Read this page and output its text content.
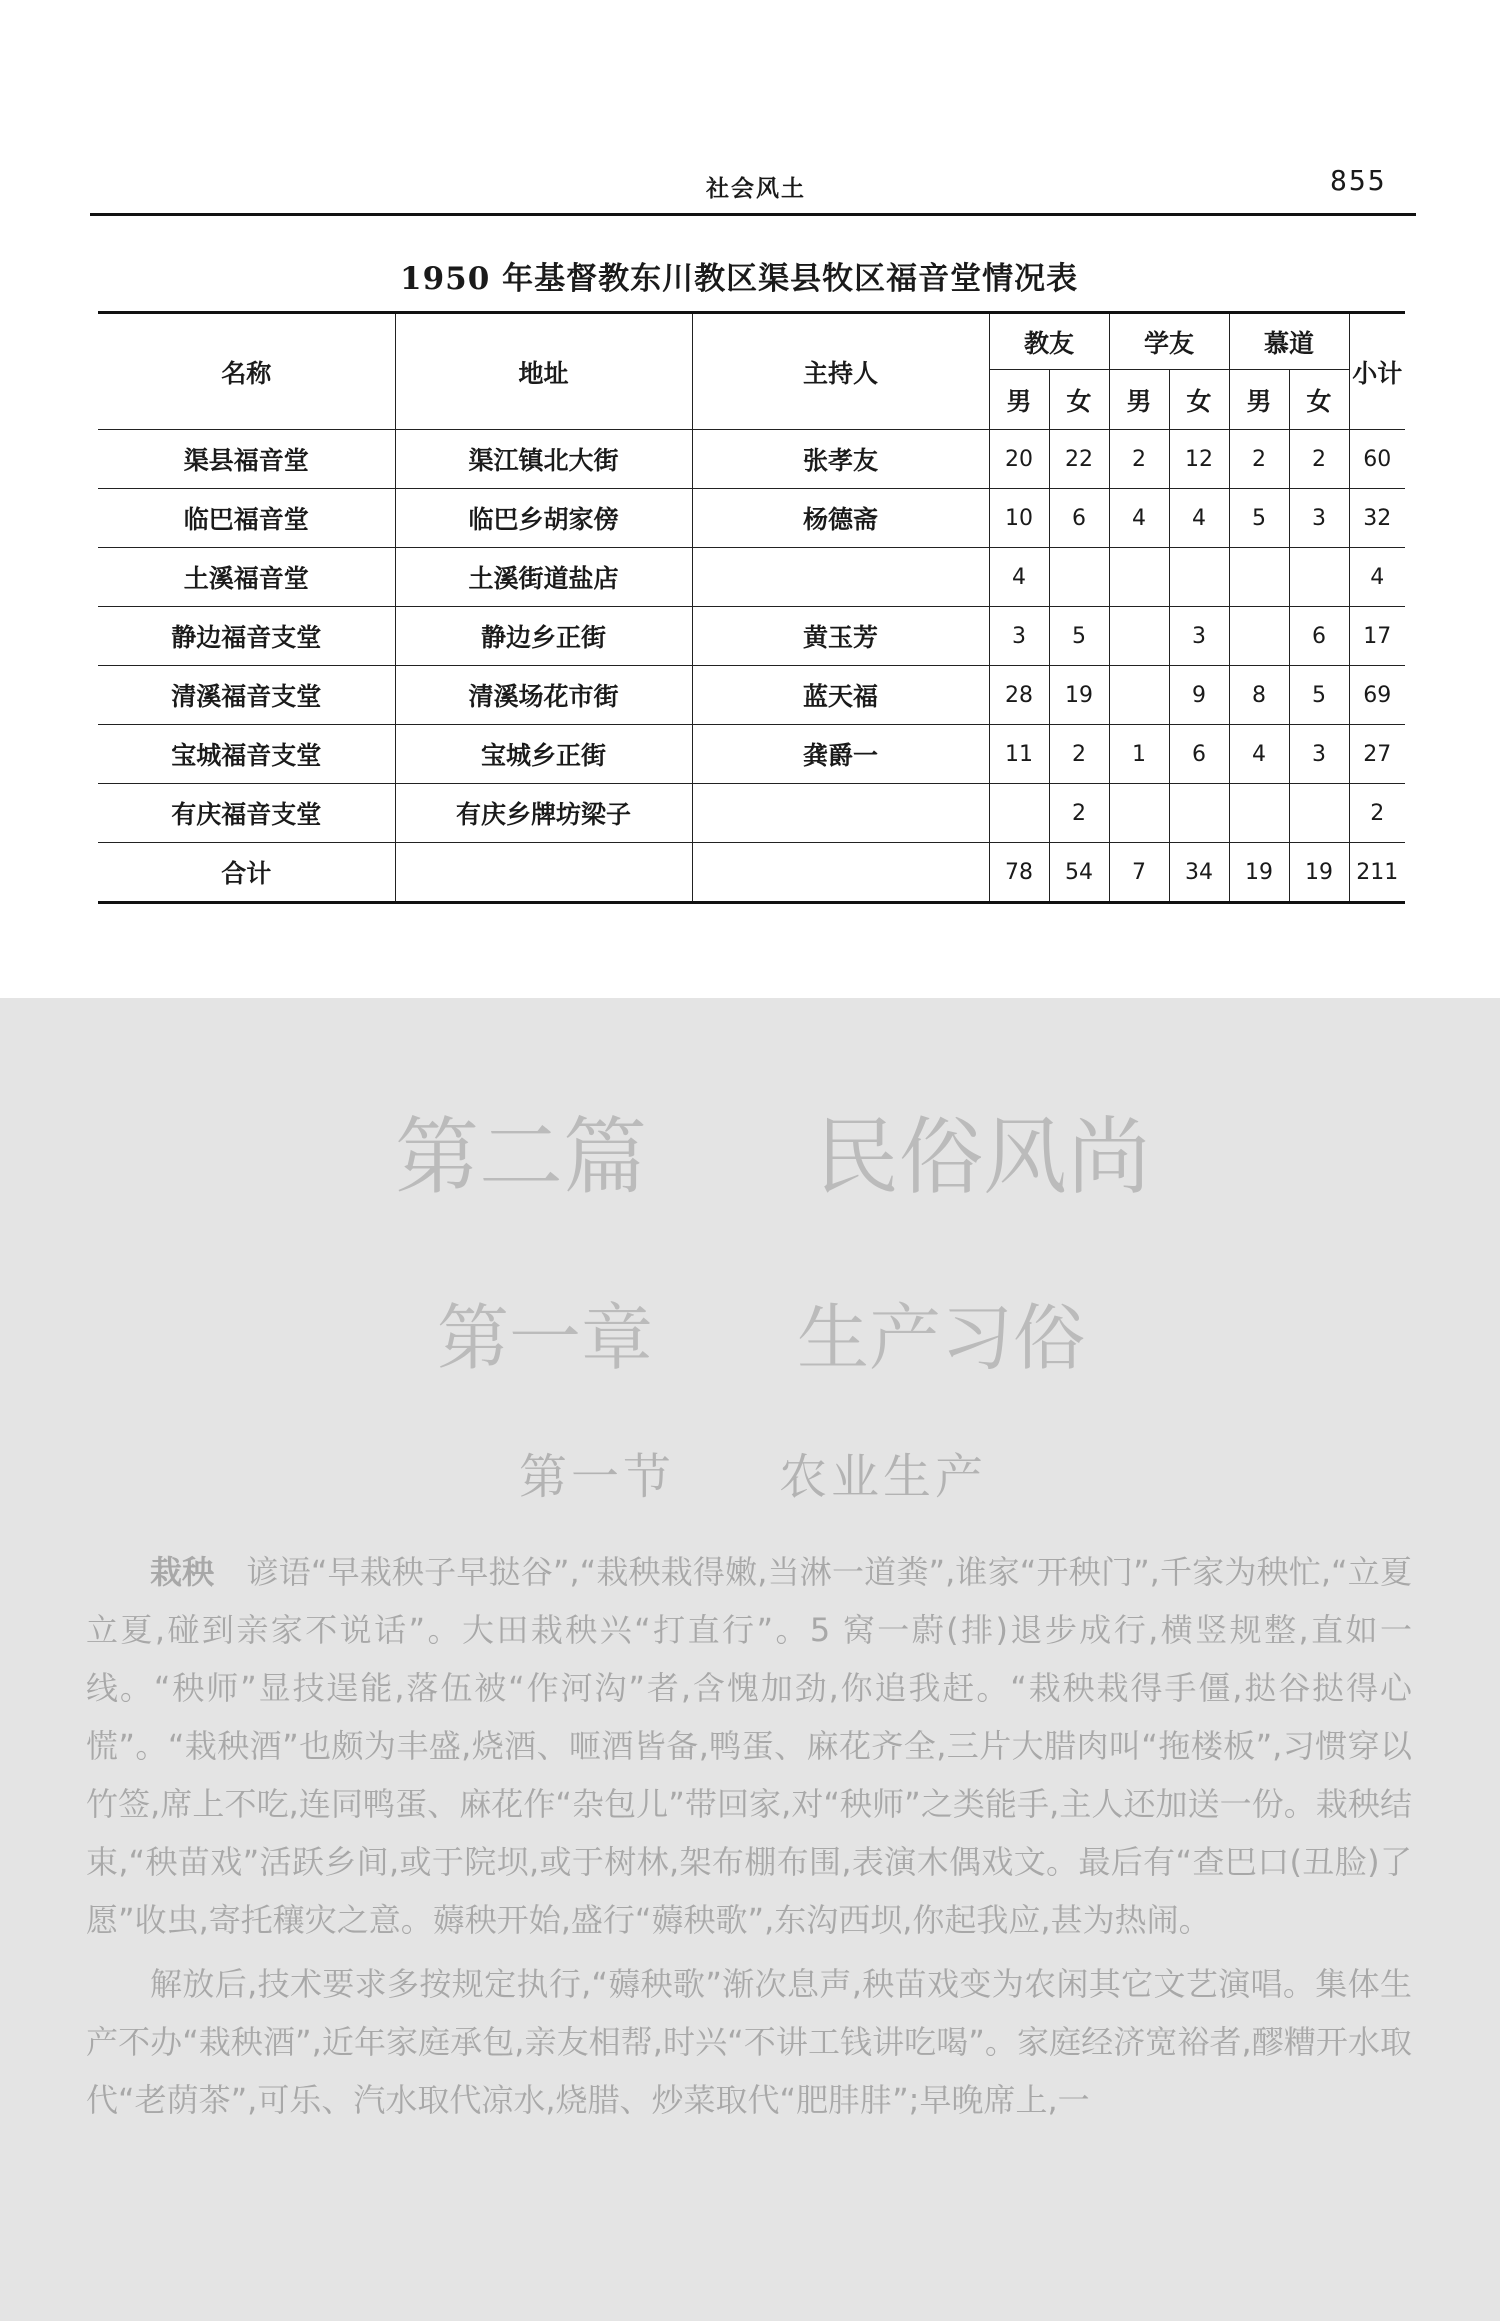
社会风土	855
1950 年基督教东川教区渠县牧区福音堂情况表
名称	地址	主持人	教友		学友		慕道		小计
			男	女	男	女	男	女	
渠县福音堂	渠江镇北大街	张孝友	20	22	2	12	2	2	60
临巴福音堂	临巴乡胡家傍	杨德斋	10	6	4	4	5	3	32
土溪福音堂	土溪街道盐店		4						4
静边福音支堂	静边乡正街	黄玉芳	3	5		3		6	17
清溪福音支堂	清溪场花市街	蓝天福	28	19		9	8	5	69
宝城福音支堂	宝城乡正街	龚爵一	11	2	1	6	4	3	27
有庆福音支堂	有庆乡牌坊梁子			2					2
合计			78	54	7	34	19	19	211
第二篇　　民俗风尚
第一章　　生产习俗
第一节　　农业生产

栽秧　谚语“早栽秧子早挞谷”,“栽秧栽得嫩,当淋一道粪”,谁家“开秧门”,千家为秧忙,“立夏立夏,碰到亲家不说话”。大田栽秧兴“打直行”。5 窝一蔚(排)退步成行,横竖规整,直如一线。“秧师”显技逞能,落伍被“作河沟”者,含愧加劲,你追我赶。“栽秧栽得手僵,挞谷挞得心慌”。“栽秧酒”也颇为丰盛,烧酒、咂酒皆备,鸭蛋、麻花齐全,三片大腊肉叫“拖楼板”,习惯穿以竹签,席上不吃,连同鸭蛋、麻花作“杂包儿”带回家,对“秧师”之类能手,主人还加送一份。栽秧结束,“秧苗戏”活跃乡间,或于院坝,或于树林,架布棚布围,表演木偶戏文。最后有“查巴口(丑脸)了愿”收虫,寄托穰灾之意。薅秧开始,盛行“薅秧歌”,东沟西坝,你起我应,甚为热闹。

解放后,技术要求多按规定执行,“薅秧歌”渐次息声,秧苗戏变为农闲其它文艺演唱。集体生产不办“栽秧酒”,近年家庭承包,亲友相帮,时兴“不讲工钱讲吃喝”。家庭经济宽裕者,醪糟开水取代“老荫茶”,可乐、汽水取代凉水,烧腊、炒菜取代“肥肨肨”;早晚席上,一
